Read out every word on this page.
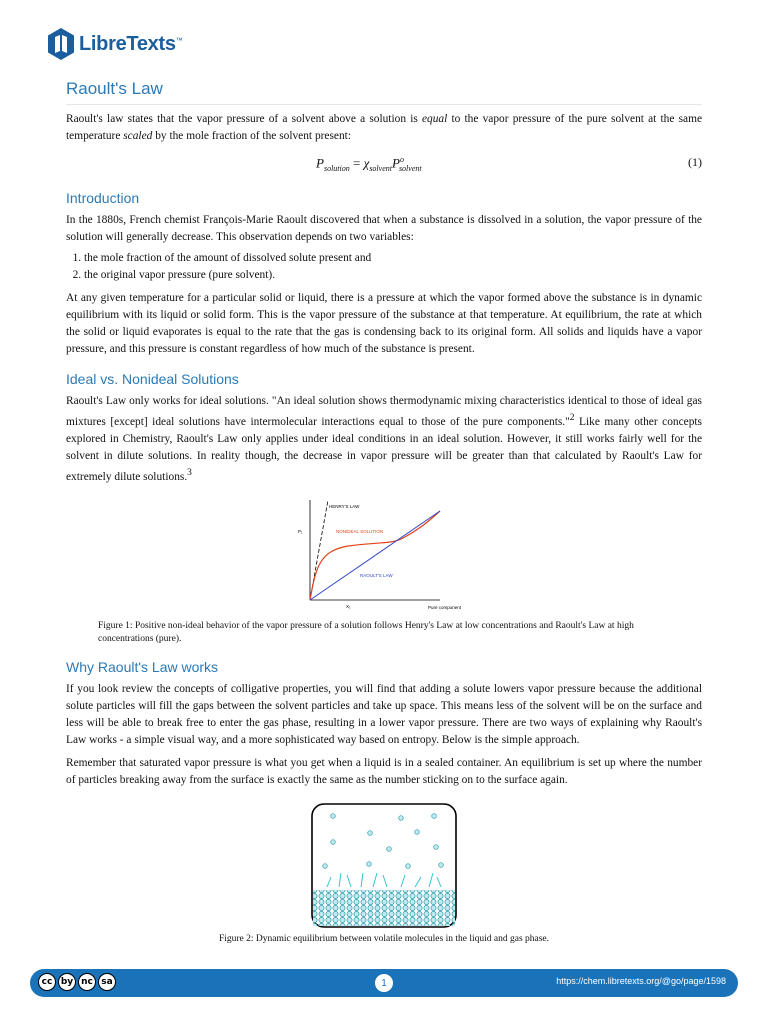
LibreTexts™
Raoult's Law

Raoult's law states that the vapor pressure of a solvent above a solution is equal to the vapor pressure of the pure solvent at the same temperature scaled by the mole fraction of the solvent present:

$P_{solution} = \chi_{solvent}P^o_{solvent}$	(1)
Introduction

In the 1880s, French chemist François-Marie Raoult discovered that when a substance is dissolved in a solution, the vapor pressure of the solution will generally decrease. This observation depends on two variables:

1. the mole fraction of the amount of dissolved solute present and
2. the original vapor pressure (pure solvent).

At any given temperature for a particular solid or liquid, there is a pressure at which the vapor formed above the substance is in dynamic equilibrium with its liquid or solid form. This is the vapor pressure of the substance at that temperature. At equilibrium, the rate at which the solid or liquid evaporates is equal to the rate that the gas is condensing back to its original form. All solids and liquids have a vapor pressure, and this pressure is constant regardless of how much of the substance is present.

Ideal vs. Nonideal Solutions

Raoult's Law only works for ideal solutions. "An ideal solution shows thermodynamic mixing characteristics identical to those of ideal gas mixtures [except] ideal solutions have intermolecular interactions equal to those of the pure components."$^2$ Like many other concepts explored in Chemistry, Raoult's Law only applies under ideal conditions in an ideal solution. However, it still works fairly well for the solvent in dilute solutions. In reality though, the decrease in vapor pressure will be greater than that calculated by Raoult's Law for extremely dilute solutions.$^3$

HENRY'S LAW
NONIDEAL SOLUTION
RAOULT'S LAW
P₁
X₁	Pure component
Figure 1: Positive non-ideal behavior of the vapor pressure of a solution follows Henry's Law at low concentrations and Raoult's Law at high concentrations (pure).
Why Raoult's Law works

If you look review the concepts of colligative properties, you will find that adding a solute lowers vapor pressure because the additional solute particles will fill the gaps between the solvent particles and take up space. This means less of the solvent will be on the surface and less will be able to break free to enter the gas phase, resulting in a lower vapor pressure. There are two ways of explaining why Raoult's Law works - a simple visual way, and a more sophisticated way based on entropy. Below is the simple approach.

Remember that saturated vapor pressure is what you get when a liquid is in a sealed container. An equilibrium is set up where the number of particles breaking away from the surface is exactly the same as the number sticking on to the surface again.

Figure 2: Dynamic equilibrium between volatile molecules in the liquid and gas phase.
cc by nc sa	1	https://chem.libretexts.org/@go/page/1598
